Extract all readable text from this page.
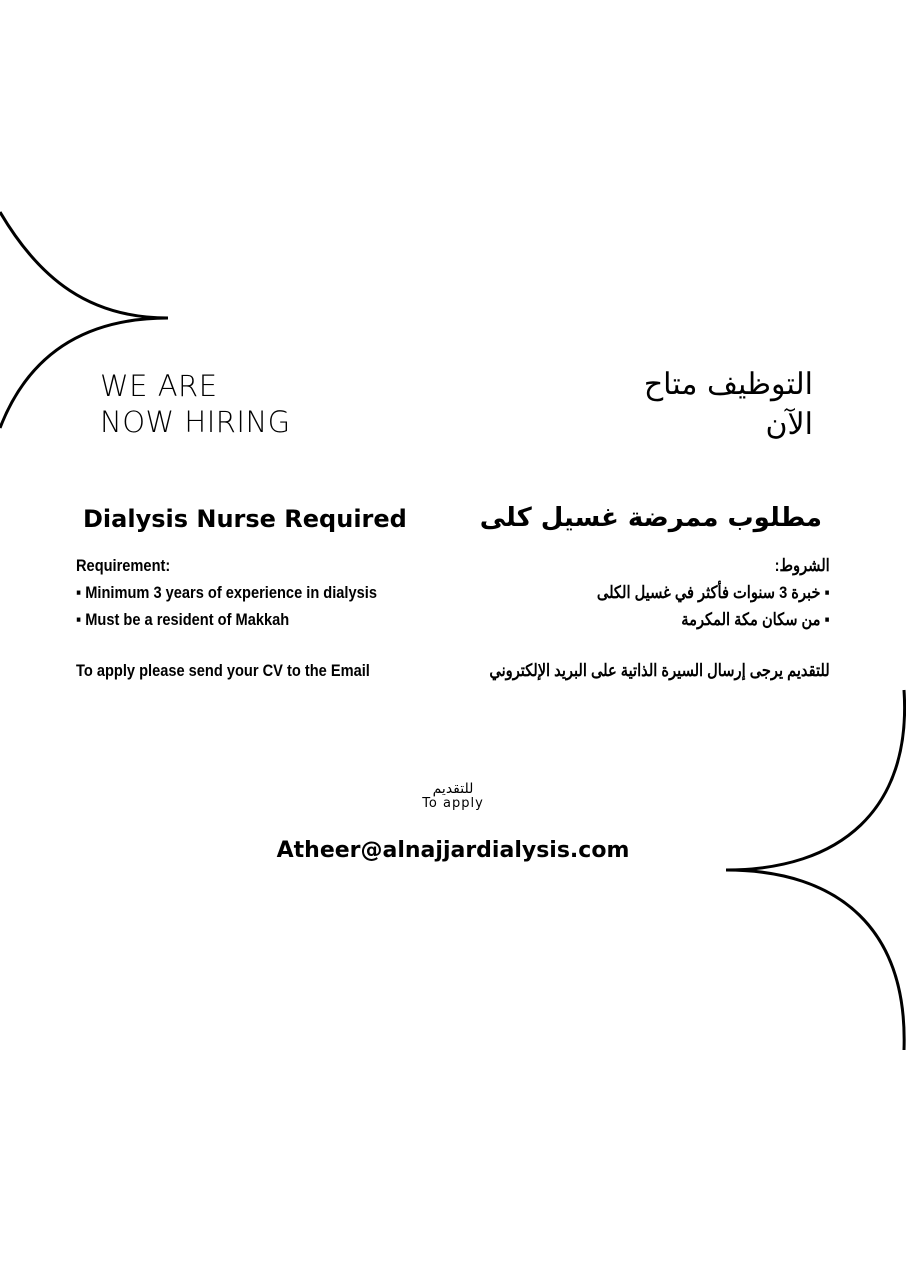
WE ARE
NOW HIRING
التوظيف متاح
الآن
Dialysis Nurse Required	مطلوب ممرضة غسيل كلى
Requirement:
▪ Minimum 3 years of experience in dialysis
▪ Must be a resident of Makkah
الشروط:
▪ خبرة 3 سنوات فأكثر في غسيل الكلى
▪ من سكان مكة المكرمة
To apply please send your CV to the Email	للتقديم يرجى إرسال السيرة الذاتية على البريد الإلكتروني
للتقديم
To apply
Atheer@alnajjardialysis.com
